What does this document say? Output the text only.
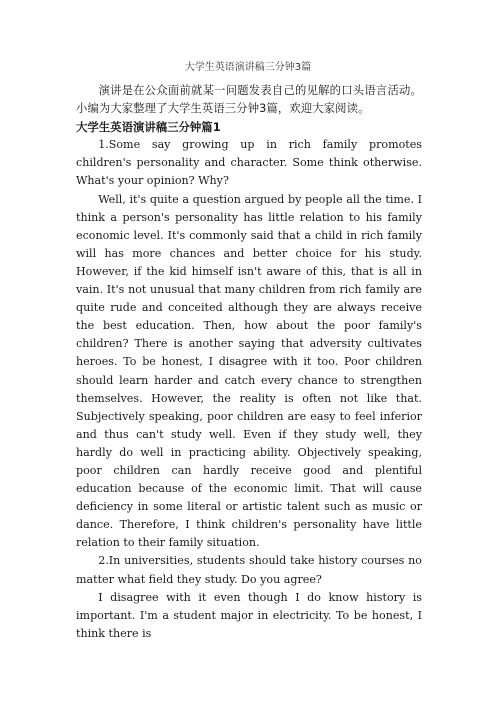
大学生英语演讲稿三分钟3篇

演讲是在公众面前就某一问题发表自己的见解的口头语言活动。小编为大家整理了大学生英语三分钟3篇，欢迎大家阅读。

大学生英语演讲稿三分钟篇1

1.Some say growing up in rich family promotes children's personality and character. Some think otherwise. What's your opinion? Why?

Well, it's quite a question argued by people all the time. I think a person's personality has little relation to his family economic level. It's commonly said that a child in rich family will has more chances and better choice for his study. However, if the kid himself isn't aware of this, that is all in vain. It's not unusual that many children from rich family are quite rude and conceited although they are always receive the best education. Then, how about the poor family's children? There is another saying that adversity cultivates heroes. To be honest, I disagree with it too. Poor children should learn harder and catch every chance to strengthen themselves. However, the reality is often not like that. Subjectively speaking, poor children are easy to feel inferior and thus can't study well. Even if they study well, they hardly do well in practicing ability. Objectively speaking, poor children can hardly receive good and plentiful education because of the economic limit. That will cause deficiency in some literal or artistic talent such as music or dance. Therefore, I think children's personality have little relation to their family situation.

2.In universities, students should take history courses no matter what field they study. Do you agree?

I disagree with it even though I do know history is important. I'm a student major in electricity. To be honest, I think there is
